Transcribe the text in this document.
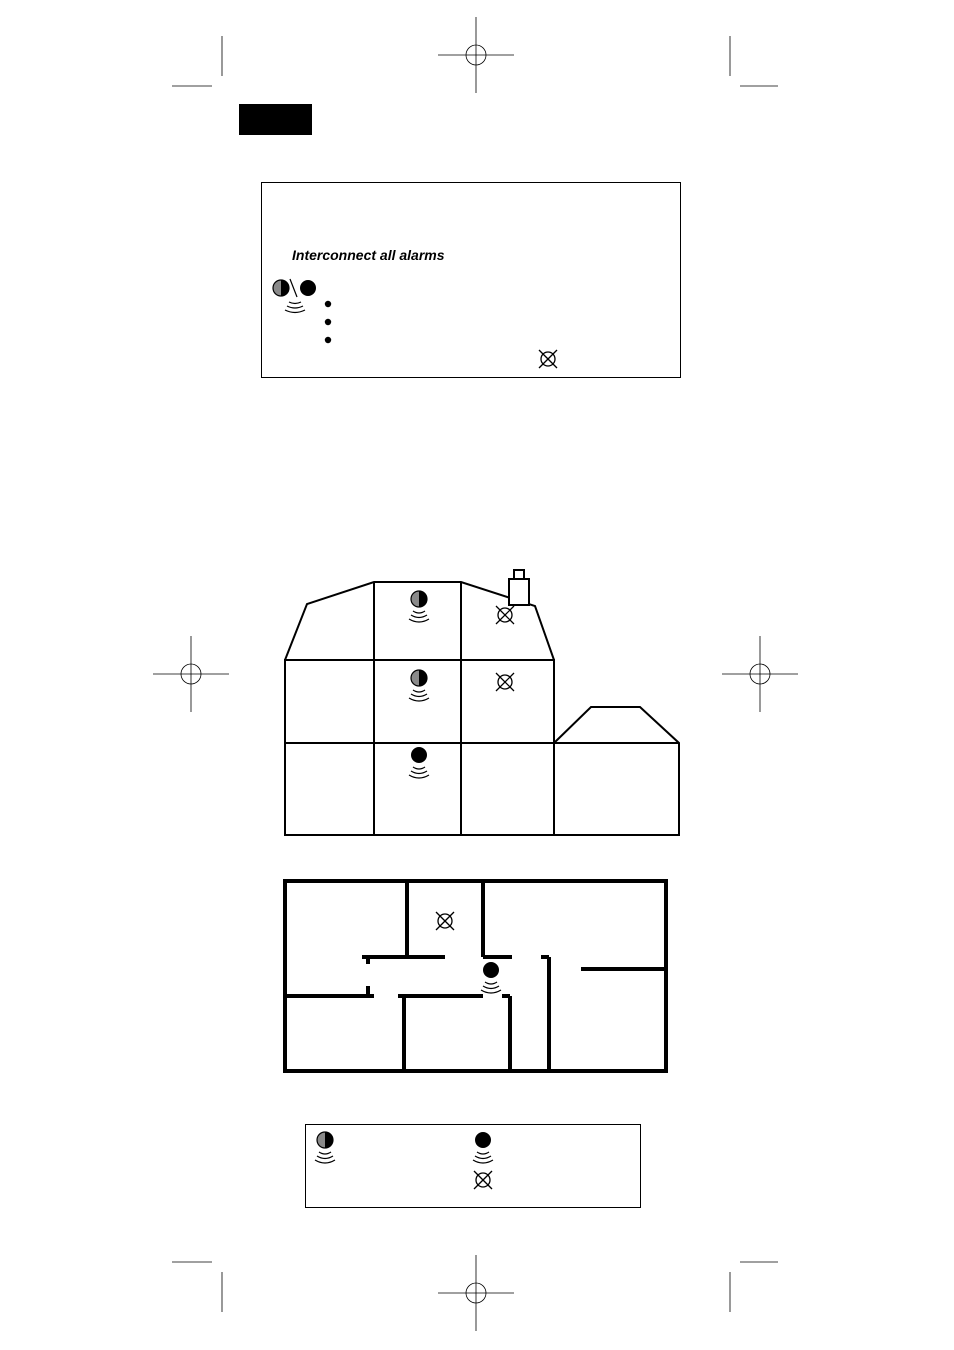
Interconnect all alarms
